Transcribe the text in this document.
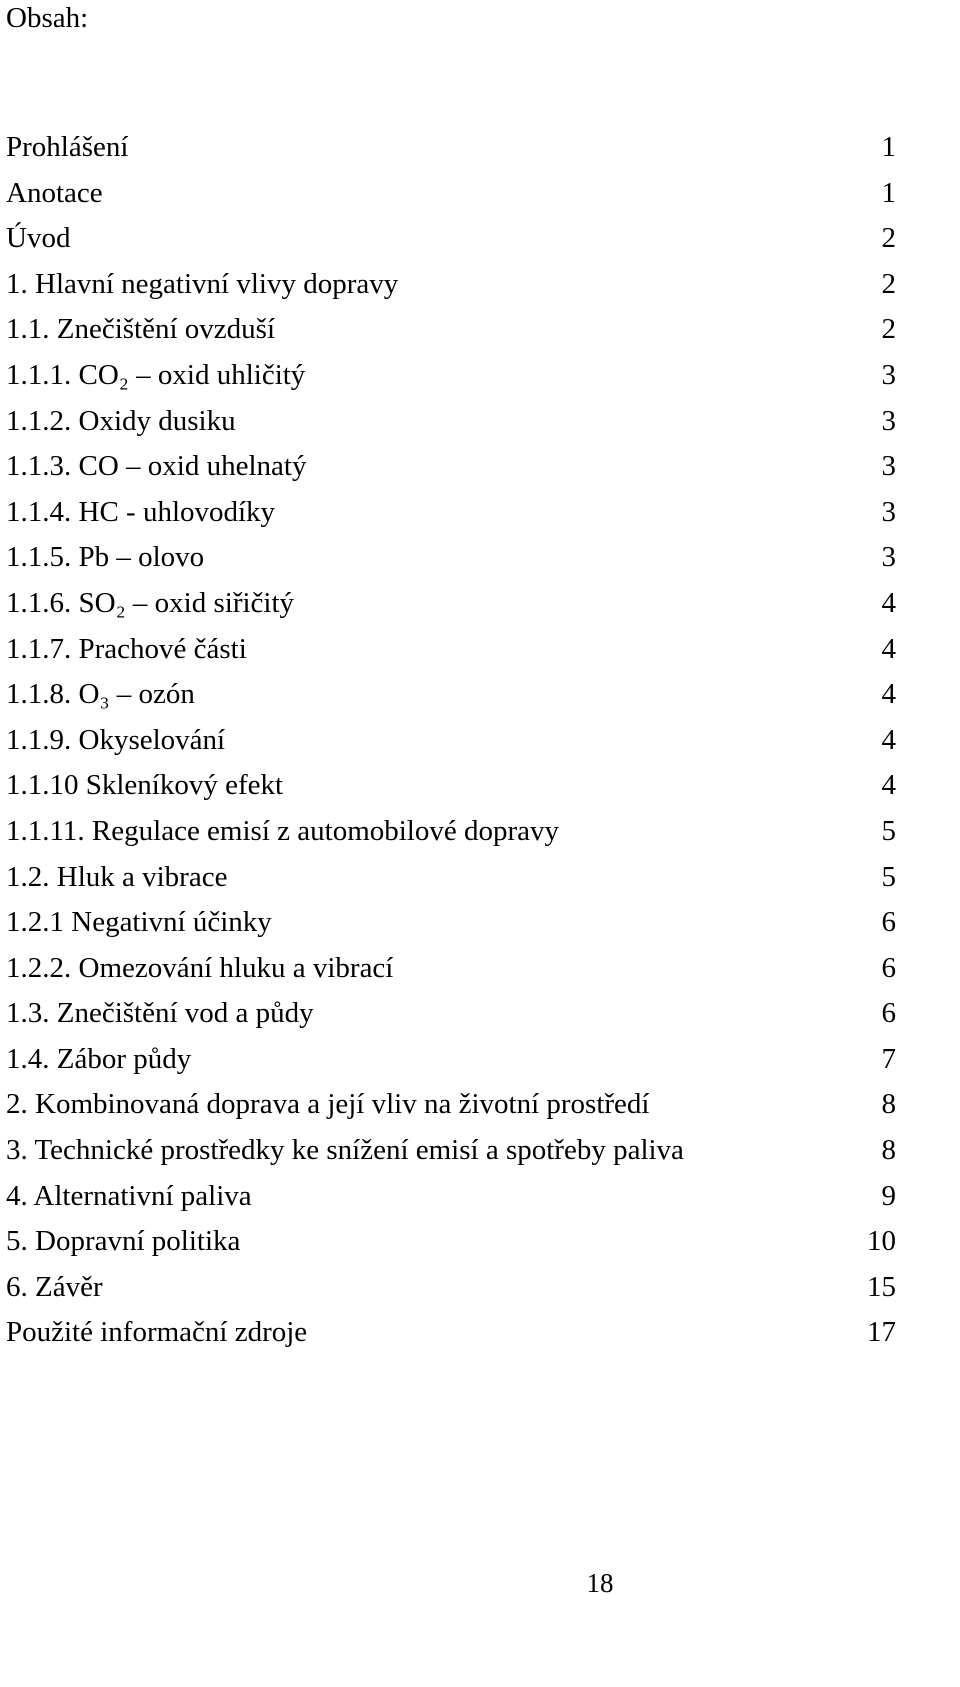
Obsah:
Prohlášení	1
Anotace	1
Úvod	2
1. Hlavní negativní vlivy dopravy	2
1.1. Znečištění ovzduší	2
1.1.1. CO₂ – oxid uhličitý	3
1.1.2. Oxidy dusiku	3
1.1.3. CO – oxid uhelnatý	3
1.1.4. HC - uhlovodíky	3
1.1.5. Pb – olovo	3
1.1.6. SO₂ – oxid siřičitý	4
1.1.7. Prachové části	4
1.1.8. O₃ – ozón	4
1.1.9. Okyselování	4
1.1.10 Skleníkový efekt	4
1.1.11. Regulace emisí z automobilové dopravy	5
1.2. Hluk a vibrace	5
1.2.1 Negativní účinky	6
1.2.2. Omezování hluku a vibrací	6
1.3. Znečištění vod a půdy	6
1.4. Zábor půdy	7
2. Kombinovaná doprava a její vliv na životní prostředí	8
3. Technické prostředky ke snížení emisí a spotřeby paliva	8
4. Alternativní paliva	9
5. Dopravní politika	10
6. Závěr	15
Použité informační zdroje	17
18
